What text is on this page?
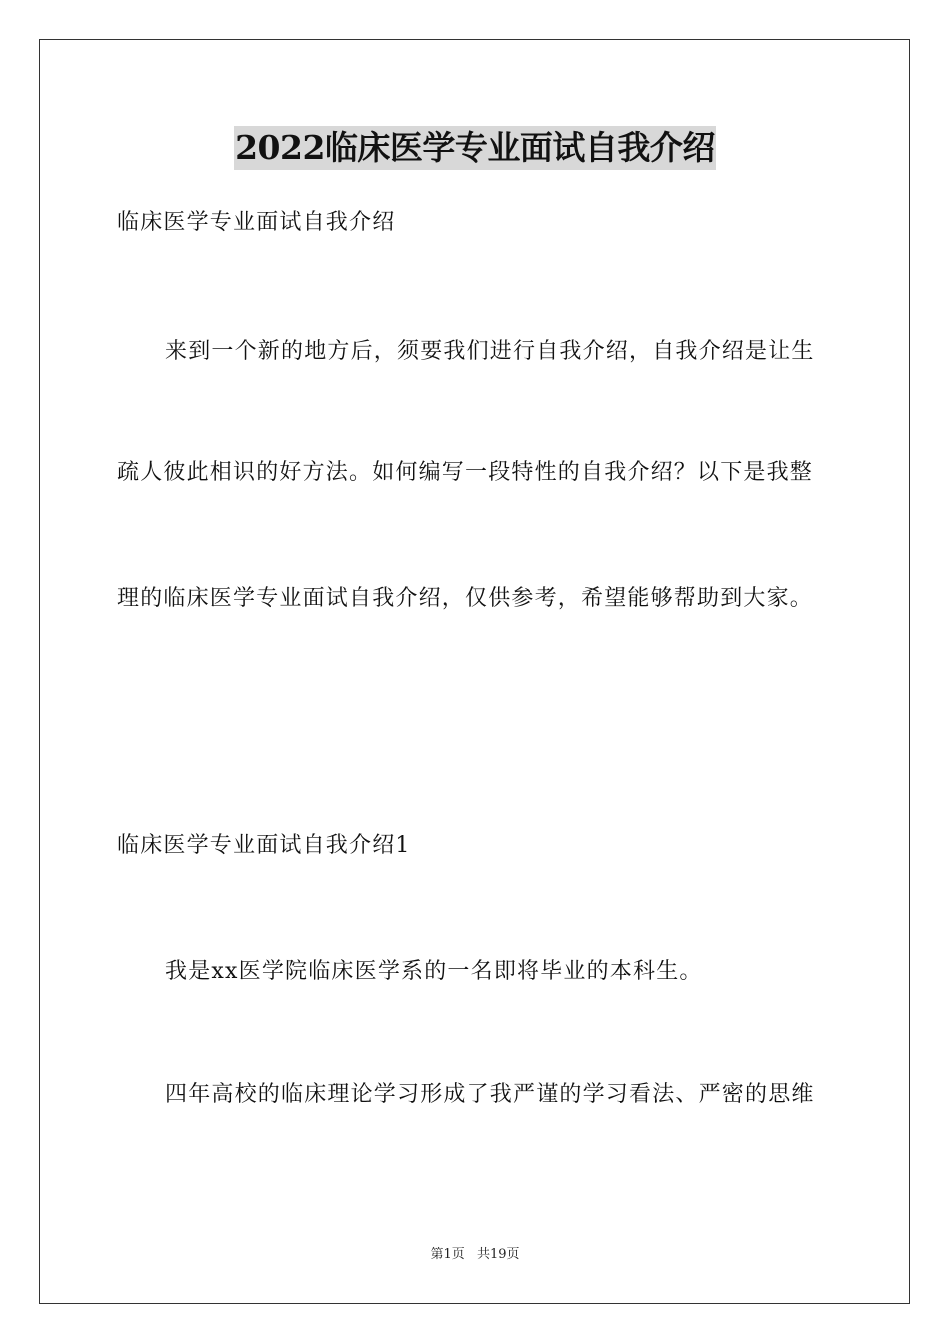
2022临床医学专业面试自我介绍
临床医学专业面试自我介绍
来到一个新的地方后，须要我们进行自我介绍，自我介绍是让生
疏人彼此相识的好方法。如何编写一段特性的自我介绍？以下是我整
理的临床医学专业面试自我介绍，仅供参考，希望能够帮助到大家。
临床医学专业面试自我介绍1
我是xx医学院临床医学系的一名即将毕业的本科生。
四年高校的临床理论学习形成了我严谨的学习看法、严密的思维
第1页 共19页
